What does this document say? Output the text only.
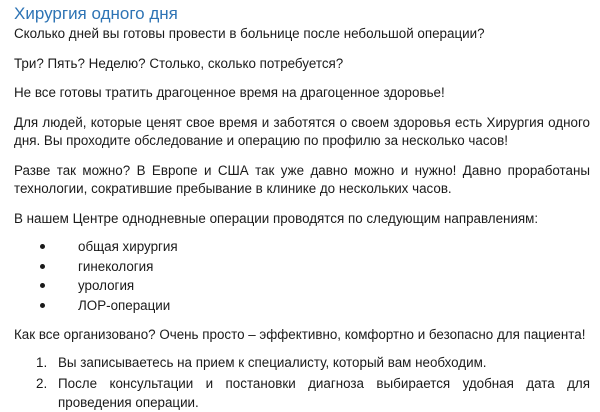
Хирургия одного дня

Сколько дней вы готовы провести в больнице после небольшой операции?

Три? Пять? Неделю? Столько, сколько потребуется?

Не все готовы тратить драгоценное время на драгоценное здоровье!

Для людей, которые ценят свое время и заботятся о своем здоровья есть Хирургия одного дня. Вы проходите обследование и операцию по профилю за несколько часов!

Разве так можно? В Европе и США так уже давно можно и нужно! Давно проработаны технологии, сократившие пребывание в клинике до нескольких часов.

В нашем Центре однодневные операции проводятся по следующим направлениям:

общая хирургия
гинекология
урология
ЛОР-операции

Как все организовано? Очень просто – эффективно, комфортно и безопасно для пациента!

1. Вы записываетесь на прием к специалисту, который вам необходим.
2. После консультации и постановки диагноза выбирается удобная дата для проведения операции.
